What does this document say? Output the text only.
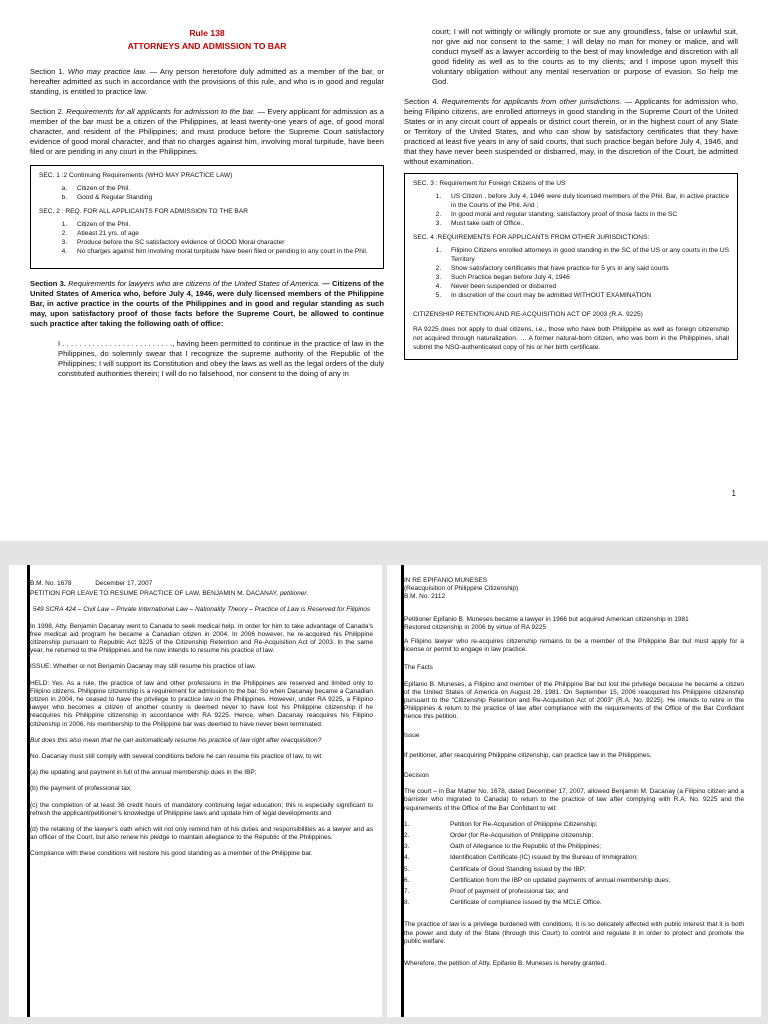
Rule 138
ATTORNEYS AND ADMISSION TO BAR

Section 1. Who may practice law. — Any person heretofore duly admitted as a member of the bar, or hereafter admitted as such in accordance with the provisions of this rule, and who is in good and regular standing, is entitled to practice law.

Section 2. Requirements for all applicants for admission to the bar. — Every applicant for admission as a member of the bar must be a citizen of the Philippines, at least twenty-one years of age, of good moral character, and resident of the Philippines; and must produce before the Supreme Court satisfactory evidence of good moral character, and that no charges against him, involving moral turpitude, have been filed or are pending in any court in the Philippines.

SEC. 1 :2 Continuing Requirements (WHO MAY PRACTICE LAW)
a. Citizen of the Phil.
b. Good & Regular Standing
SEC. 2 : REQ. FOR ALL APPLICANTS FOR ADMISSION TO THE BAR
1. Citizen of the Phil.
2. Atleast 21 yrs. of age
3. Produce before the SC satisfactory evidence of GOOD Moral character
4. No charges against him involving moral turpitude have been filed or pending in any court in the Phil.

Section 3. Requirements for lawyers who are citizens of the United States of America. — Citizens of the United States of America who, before July 4, 1946, were duly licensed members of the Philippine Bar, in active practice in the courts of the Philippines and in good and regular standing as such may, upon satisfactory proof of those facts before the Supreme Court, be allowed to continue such practice after taking the following oath of office:

I . . . . . . . . . . . . . . . . . . . . . . . . . ., having been permitted to continue in the practice of law in the Philippines, do solemnly swear that I recognize the supreme authority of the Republic of the Philippines; I will support its Constitution and obey the laws as well as the legal orders of the duly constituted authorities therein; I will do no falsehood, nor consent to the doing of any in

court; I will not wittingly or willingly promote or sue any groundless, false or unlawful suit, nor give aid nor consent to the same; I will delay no man for money or malice, and will conduct myself as a lawyer according to the best of may knowledge and discretion with all good fidelity as well as to the courts as to my clients; and I impose upon myself this voluntary obligation without any mental reservation or purpose of evasion. So help me God.

Section 4. Requirements for applicants from other jurisdictions. — Applicants for admission who, being Filipino citizens, are enrolled attorneys in good standing in the Supreme Court of the United States or in any circuit court of appeals or district court therein, or in the highest court of any State or Territory of the United States, and who can show by satisfactory certificates that they have practiced at least five years in any of said courts, that such practice began before July 4, 1946, and that they have never been suspended or disbarred, may, in the discretion of the Court, be admitted without examination.

SEC. 3 : Requirement for Foreign Citizens of the US
1. US Citizen , before July 4, 1946 were duly licensed members of the Phil. Bar, in active practice in the Courts of the Phil. And ;
2. In good moral and regular standing, satisfactory proof of those facts in the SC
3. Must take oath of Office..
SEC. 4 :REQUIREMENTS FOR APPLICANTS FROM OTHER JURISDICTIONS:
1. Filipino Citizens enrolled attorneys in good standing in the SC of the US or any courts in the US Territory
2. Show satisfactory certificates that have practice for 5 yrs in any said courts
3. Such Practice began before July 4, 1946
4. Never been suspended or disbarred
5. In discretion of the court may be admitted WITHOUT EXAMINATION
CITIZENSHIP RETENTION AND RE-ACQUISITION ACT OF 2003 (R.A. 9225)
RA 9225 does not apply to dual citizens, i.e., those who have both Philippine as well as foreign citizenship not acquired through naturalization. … A former natural-born citizen, who was born in the Philippines, shall submit the NSO-authenticated copy of his or her birth certificate.
1

B.M. No. 1678	December 17, 2007

PETITION FOR LEAVE TO RESUME PRACTICE OF LAW, BENJAMIN M. DACANAY, petitioner.

549 SCRA 424 – Civil Law – Private International Law – Nationality Theory – Practice of Law is Reserved for Filipinos

In 1998, Atty. Benjamin Dacanay went to Canada to seek medical help. In order for him to take advantage of Canada's free medical aid program he became a Canadian citizen in 2004. In 2006 however, he re-acquired his Philippine citizenship pursuant to Republic Act 9225 of the Citizenship Retention and Re-Acquisition Act of 2003. In the same year, he returned to the Philippines and he now intends to resume his practice of law.

ISSUE: Whether or not Benjamin Dacanay may still resume his practice of law.

HELD: Yes. As a rule, the practice of law and other professions in the Philippines are reserved and limited only to Filipino citizens. Philippine citizenship is a requirement for admission to the bar. So when Dacanay became a Canadian citizen in 2004, he ceased to have the privilege to practice law in the Philippines. However, under RA 9225, a Filipino lawyer who becomes a citizen of another country is deemed never to have lost his Philippine citizenship if he reacquires his Philippine citizenship in accordance with RA 9225. Hence, when Dacanay reacquires his Filipino citizenship in 2006, his membership to the Philippine bar was deemed to have never been terminated.

But does this also mean that he can automatically resume his practice of law right after reacquisition?

No. Dacanay must still comply with several conditions before he can resume his practice of law, to wit:

(a) the updating and payment in full of the annual membership dues in the IBP;

(b) the payment of professional tax;

(c) the completion of at least 36 credit hours of mandatory continuing legal education; this is especially significant to refresh the applicant/petitioner's knowledge of Philippine laws and update him of legal developments and

(d) the retaking of the lawyer's oath which will not only remind him of his duties and responsibilities as a lawyer and as an officer of the Court, but also renew his pledge to maintain allegiance to the Republic of the Philippines.

Compliance with these conditions will restore his good standing as a member of the Philippine bar.

IN RE EPIFANIO MUNESES
(Reacquisition of Philippine Citizenship)
B.M. No. 2112
Petitioner Epifanio B. Muneses became a lawyer in 1966 but acquired American citizenship in 1981
Restored citizenship in 2006 by virtue of RA 9225

A Filipino lawyer who re-acquires citizenship remains to be a member of the Philippine Bar but must apply for a license or permit to engage in law practice.

The Facts

Epifanio B. Muneses, a Filipino and member of the Philippine Bar but lost the privilege because he became a citizen of the United States of America on August 28, 1981. On September 15, 2006 reacquired his Philippine citizenship pursuant to the "Citizenship Retention and Re-Acquisition Act of 2003" (R.A. No. 9225). He intends to retire in the Philippines & return to the practice of law after compliance with the requirements of the Office of the Bar Confidant hence this petition.

Issue

If petitioner, after reacquiring Philippine citizenship, can practice law in the Philippines.

Decision

The court – in Bar Matter No. 1678, dated December 17, 2007, allowed Benjamin M. Dacanay (a Filipino citizen and a barrister who migrated to Canada) to return to the practice of law after complying with R.A. No. 9225 and the requirements of the Office of the Bar Confidant to wit:

1.	Petition for Re-Acquisition of Philippine Citizenship;
2.	Order (for Re-Acquisition of Philippine citizenship;
3.	Oath of Allegiance to the Republic of the Philippines;
4.	Identification Certificate (IC) issued by the Bureau of Immigration;
5.	Certificate of Good Standing issued by the IBP;
6.	Certification from the IBP on updated payments of annual membership dues;
7.	Proof of payment of professional tax; and
8.	Certificate of compliance issued by the MCLE Office.

The practice of law is a privilege burdened with conditions. It is so delicately affected with public interest that it is both the power and duty of the State (through this Court) to control and regulate it in order to protect and promote the public welfare.

Wherefore, the petition of Atty. Epifanio B. Muneses is hereby granted.
